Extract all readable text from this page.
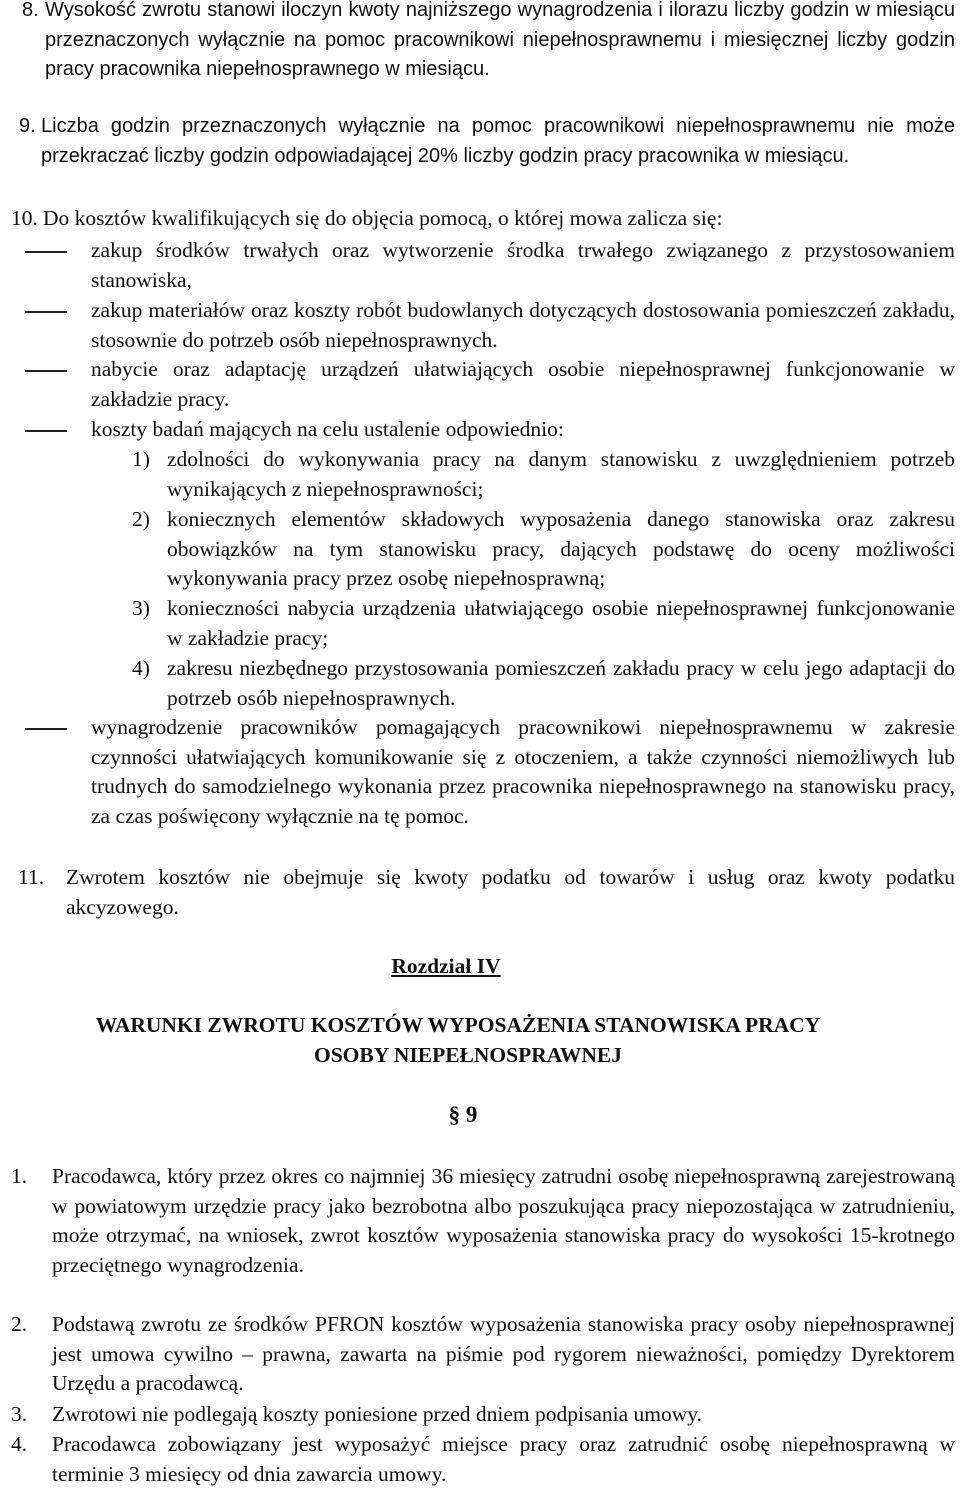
8. Wysokość zwrotu stanowi iloczyn kwoty najniższego wynagrodzenia i ilorazu liczby godzin w miesiącu przeznaczonych wyłącznie na pomoc pracownikowi niepełnosprawnemu i miesięcznej liczby godzin pracy pracownika niepełnosprawnego w miesiącu.
9. Liczba godzin przeznaczonych wyłącznie na pomoc pracownikowi niepełnosprawnemu nie może przekraczać liczby godzin odpowiadającej 20% liczby godzin pracy pracownika w miesiącu.
10. Do kosztów kwalifikujących się do objęcia pomocą, o której mowa zalicza się:
zakup środków trwałych oraz wytworzenie środka trwałego związanego z przystosowaniem stanowiska,
zakup materiałów oraz koszty robót budowlanych dotyczących dostosowania pomieszczeń zakładu, stosownie do potrzeb osób niepełnosprawnych.
nabycie oraz adaptację urządzeń ułatwiających osobie niepełnosprawnej funkcjonowanie w zakładzie pracy.
koszty badań mających na celu ustalenie odpowiednio:
1) zdolności do wykonywania pracy na danym stanowisku z uwzględnieniem potrzeb wynikających z niepełnosprawności;
2) koniecznych elementów składowych wyposażenia danego stanowiska oraz zakresu obowiązków na tym stanowisku pracy, dających podstawę do oceny możliwości wykonywania pracy przez osobę niepełnosprawną;
3) konieczności nabycia urządzenia ułatwiającego osobie niepełnosprawnej funkcjonowanie w zakładzie pracy;
4) zakresu niezbędnego przystosowania pomieszczeń zakładu pracy w celu jego adaptacji do potrzeb osób niepełnosprawnych.
wynagrodzenie pracowników pomagających pracownikowi niepełnosprawnemu w zakresie czynności ułatwiających komunikowanie się z otoczeniem, a także czynności niemożliwych lub trudnych do samodzielnego wykonania przez pracownika niepełnosprawnego na stanowisku pracy, za czas poświęcony wyłącznie na tę pomoc.
11. Zwrotem kosztów nie obejmuje się kwoty podatku od towarów i usług oraz kwoty podatku akcyzowego.
Rozdział IV
WARUNKI ZWROTU KOSZTÓW WYPOSAŻENIA STANOWISKA PRACY
OSOBY NIEPEŁNOSPRAWNEJ
§ 9
1. Pracodawca, który przez okres co najmniej 36 miesięcy zatrudni osobę niepełnosprawną zarejestrowaną w powiatowym urzędzie pracy jako bezrobotna albo poszukująca pracy niepozostająca w zatrudnieniu, może otrzymać, na wniosek, zwrot kosztów wyposażenia stanowiska pracy do wysokości 15-krotnego przeciętnego wynagrodzenia.
2. Podstawą zwrotu ze środków PFRON kosztów wyposażenia stanowiska pracy osoby niepełnosprawnej jest umowa cywilno – prawna, zawarta na piśmie pod rygorem nieważności, pomiędzy Dyrektorem Urzędu a pracodawcą.
3. Zwrotowi nie podlegają koszty poniesione przed dniem podpisania umowy.
4. Pracodawca zobowiązany jest wyposażyć miejsce pracy oraz zatrudnić osobę niepełnosprawną w terminie 3 miesięcy od dnia zawarcia umowy.
